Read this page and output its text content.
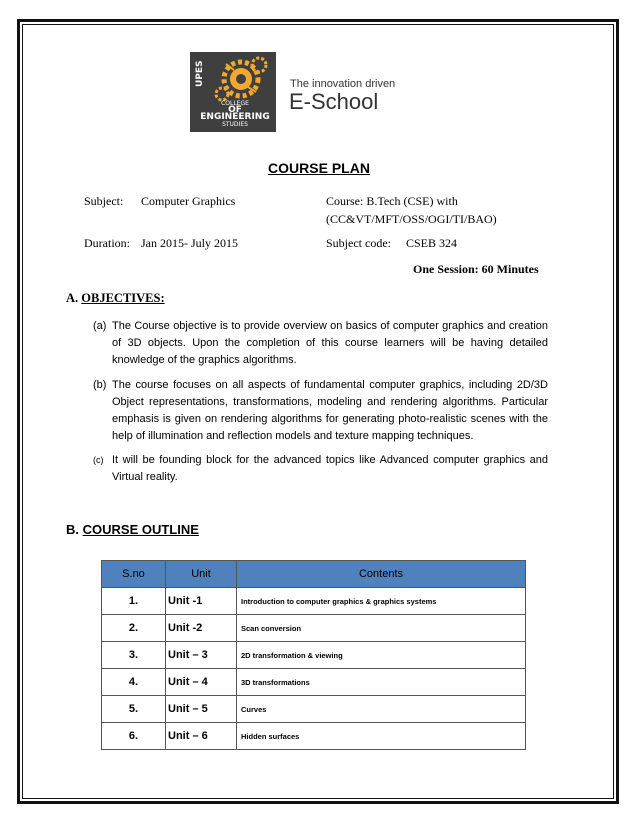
UPES
COLLEGE
OF ENGINEERING
STUDIES
The innovation driven
E-School
COURSE PLAN
Subject: Computer Graphics	Course: B.Tech (CSE) with
(CC&VT/MFT/OSS/OGI/TI/BAO)
Duration: Jan 2015- July 2015	Subject code: CSEB 324
One Session: 60 Minutes
A. OBJECTIVES:
(a) The Course objective is to provide overview on basics of computer graphics and creation of 3D objects. Upon the completion of this course learners will be having detailed knowledge of the graphics algorithms.
(b) The course focuses on all aspects of fundamental computer graphics, including 2D/3D Object representations, transformations, modeling and rendering algorithms. Particular emphasis is given on rendering algorithms for generating photo-realistic scenes with the help of illumination and reflection models and texture mapping techniques.
(c) It will be founding block for the advanced topics like Advanced computer graphics and Virtual reality.
B. COURSE OUTLINE
S.no	Unit	Contents
1.	Unit -1	Introduction to computer graphics & graphics systems
2.	Unit -2	Scan conversion
3.	Unit – 3	2D transformation & viewing
4.	Unit – 4	3D transformations
5.	Unit – 5	Curves
6.	Unit – 6	Hidden surfaces
